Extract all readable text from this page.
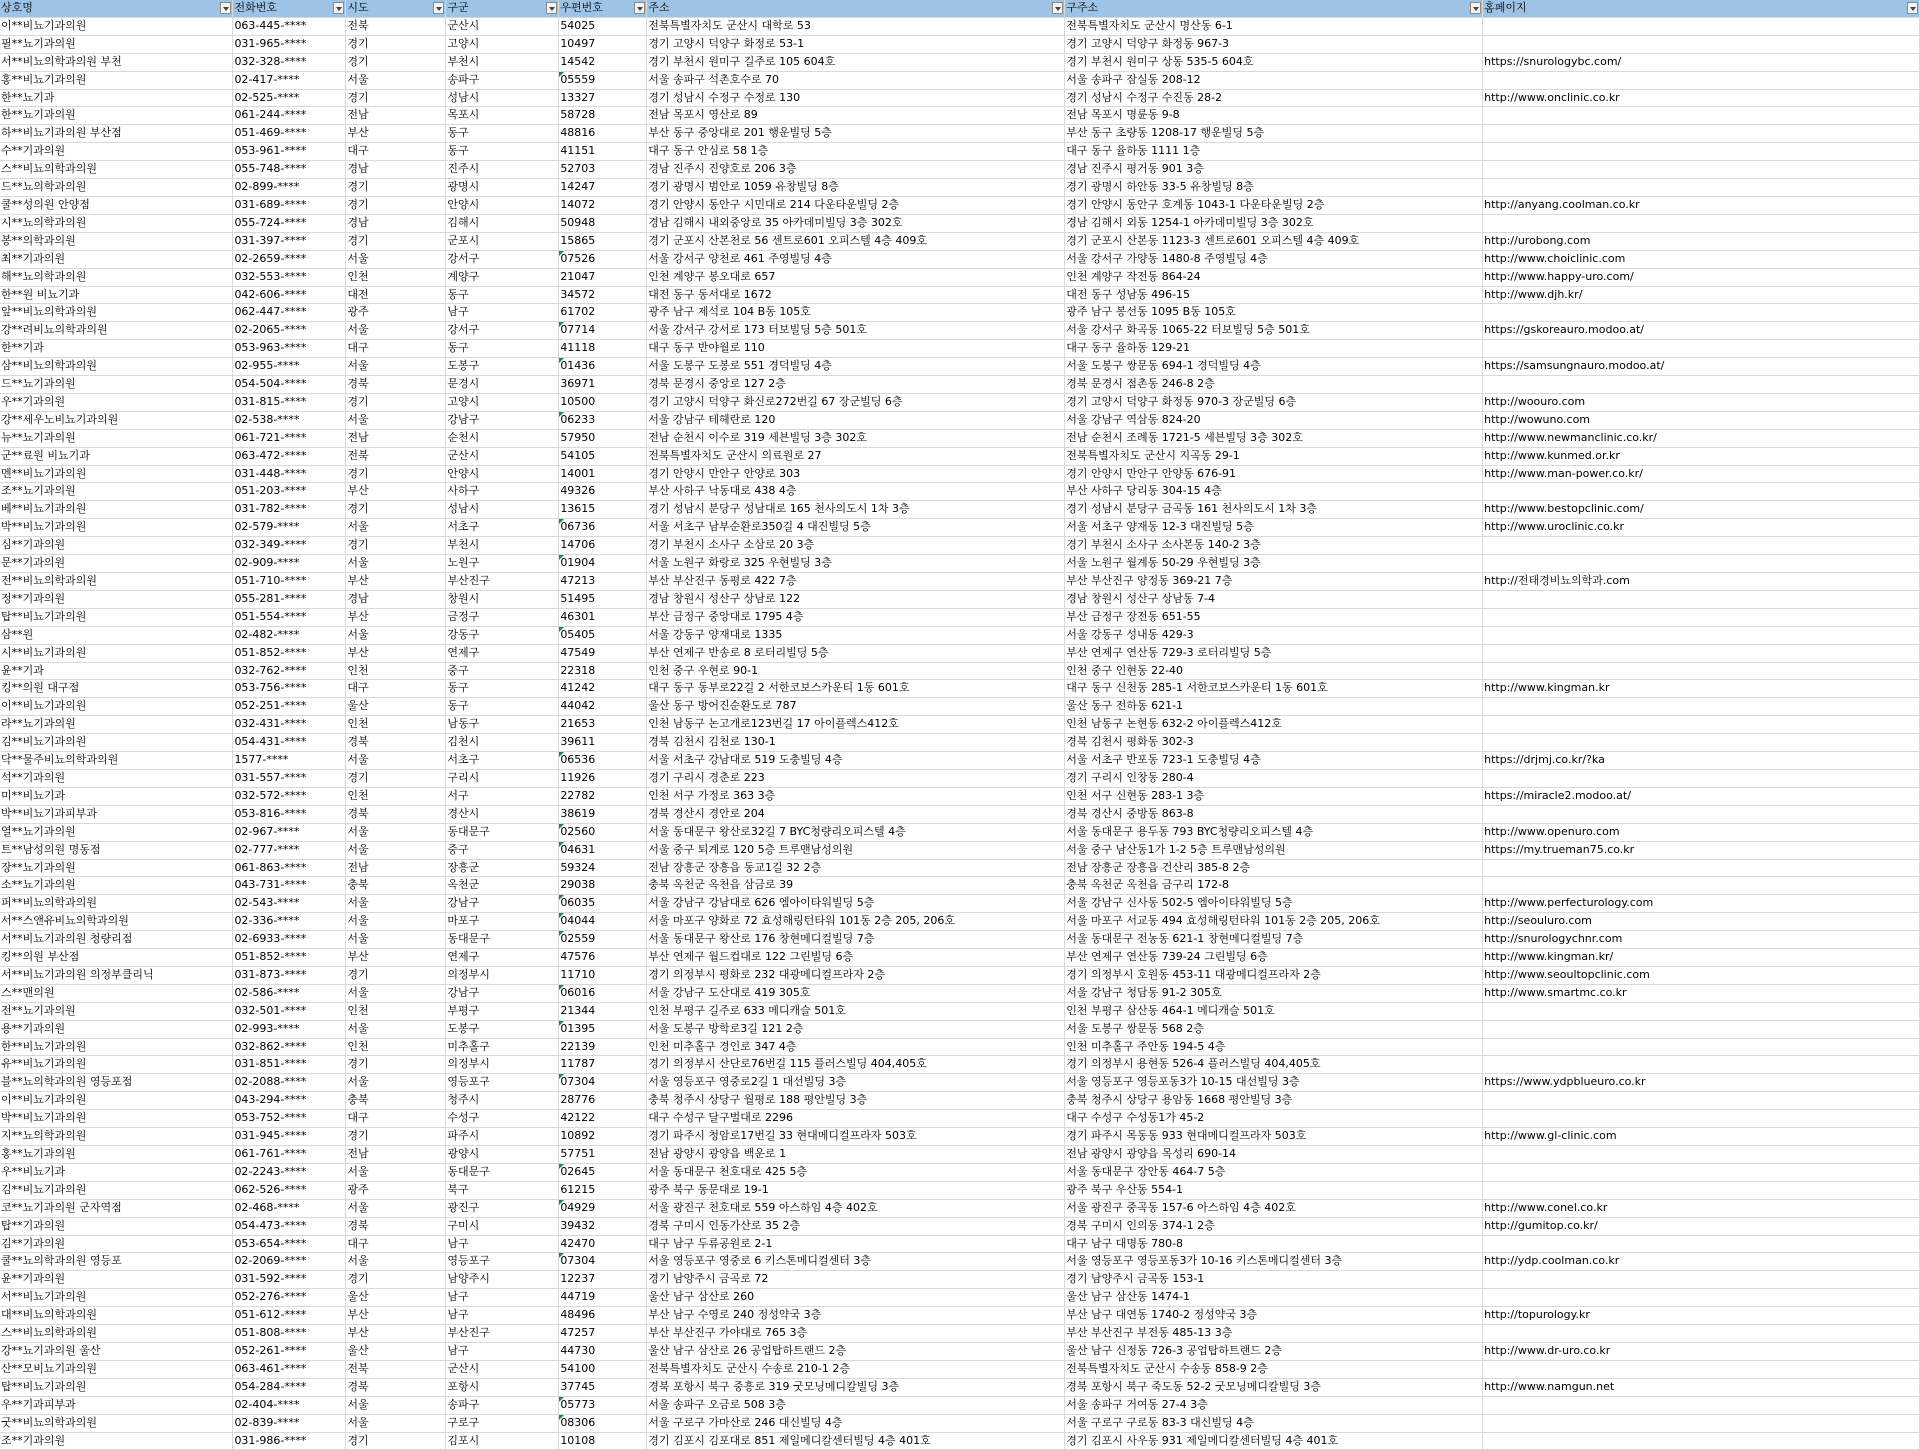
상호명	전화번호	시도	구군	우편번호	주소	구주소	홈페이지

이**비뇨기과의원	063-445-****	전북	군산시	54025	전북특별자치도 군산시 대학로 53	전북특별자치도 군산시 명산동 6-1	
필**뇨기과의원	031-965-****	경기	고양시	10497	경기 고양시 덕양구 화정로 53-1	경기 고양시 덕양구 화정동 967-3	
서**비뇨의학과의원 부천	032-328-****	경기	부천시	14542	경기 부천시 원미구 길주로 105 604호	경기 부천시 원미구 상동 535-5 604호	https://snurologybc.com/
홍**비뇨기과의원	02-417-****	서울	송파구	05559	서울 송파구 석촌호수로 70	서울 송파구 잠실동 208-12	
한**뇨기과	02-525-****	경기	성남시	13327	경기 성남시 수정구 수정로 130	경기 성남시 수정구 수진동 28-2	http://www.onclinic.co.kr
한**뇨기과의원	061-244-****	전남	목포시	58728	전남 목포시 영산로 89	전남 목포시 명륜동 9-8	
하**비뇨기과의원 부산점	051-469-****	부산	동구	48816	부산 동구 중앙대로 201 행운빌딩 5층	부산 동구 초량동 1208-17 행운빌딩 5층	
수**기과의원	053-961-****	대구	동구	41151	대구 동구 안심로 58 1층	대구 동구 율하동 1111 1층	
스**비뇨의학과의원	055-748-****	경남	진주시	52703	경남 진주시 진양호로 206 3층	경남 진주시 평거동 901 3층	
드**뇨의학과의원	02-899-****	경기	광명시	14247	경기 광명시 범안로 1059 유창빌딩 8층	경기 광명시 하안동 33-5 유창빌딩 8층	
쿨**성의원 안양점	031-689-****	경기	안양시	14072	경기 안양시 동안구 시민대로 214 다운타운빌딩 2층	경기 안양시 동안구 호계동 1043-1 다운타운빌딩 2층	http://anyang.coolman.co.kr
시**뇨의학과의원	055-724-****	경남	김해시	50948	경남 김해시 내외중앙로 35 아카데미빌딩 3층 302호	경남 김해시 외동 1254-1 아카데미빌딩 3층 302호	
봉**의학과의원	031-397-****	경기	군포시	15865	경기 군포시 산본천로 56 센트로601 오피스텔 4층 409호	경기 군포시 산본동 1123-3 센트로601 오피스텔 4층 409호	http://urobong.com
최**기과의원	02-2659-****	서울	강서구	07526	서울 강서구 양천로 461 주영빌딩 4층	서울 강서구 가양동 1480-8 주영빌딩 4층	http://www.choiclinic.com
해**뇨의학과의원	032-553-****	인천	계양구	21047	인천 계양구 봉오대로 657	인천 계양구 작전동 864-24	http://www.happy-uro.com/
한**원 비뇨기과	042-606-****	대전	동구	34572	대전 동구 동서대로 1672	대전 동구 성남동 496-15	http://www.djh.kr/
앞**비뇨의학과의원	062-447-****	광주	남구	61702	광주 남구 제석로 104 B동 105호	광주 남구 봉선동 1095 B동 105호	
강**려비뇨의학과의원	02-2065-****	서울	강서구	07714	서울 강서구 강서로 173 터보빌딩 5층 501호	서울 강서구 화곡동 1065-22 터보빌딩 5층 501호	https://gskoreauro.modoo.at/
한**기과	053-963-****	대구	동구	41118	대구 동구 반야월로 110	대구 동구 율하동 129-21	
삼**비뇨의학과의원	02-955-****	서울	도봉구	01436	서울 도봉구 도봉로 551 경덕빌딩 4층	서울 도봉구 쌍문동 694-1 경덕빌딩 4층	https://samsungnauro.modoo.at/
드**뇨기과의원	054-504-****	경북	문경시	36971	경북 문경시 중앙로 127 2층	경북 문경시 점촌동 246-8 2층	
우**기과의원	031-815-****	경기	고양시	10500	경기 고양시 덕양구 화신로272번길 67 장군빌딩 6층	경기 고양시 덕양구 화정동 970-3 장군빌딩 6층	http://woouro.com
강**세우노비뇨기과의원	02-538-****	서울	강남구	06233	서울 강남구 테헤란로 120	서울 강남구 역삼동 824-20	http://wowuno.com
뉴**뇨기과의원	061-721-****	전남	순천시	57950	전남 순천시 이수로 319 세븐빌딩 3층 302호	전남 순천시 조례동 1721-5 세븐빌딩 3층 302호	http://www.newmanclinic.co.kr/
군**료원 비뇨기과	063-472-****	전북	군산시	54105	전북특별자치도 군산시 의료원로 27	전북특별자치도 군산시 지곡동 29-1	http://www.kunmed.or.kr
멘**비뇨기과의원	031-448-****	경기	안양시	14001	경기 안양시 만안구 안양로 303	경기 안양시 만안구 안양동 676-91	http://www.man-power.co.kr/
조**뇨기과의원	051-203-****	부산	사하구	49326	부산 사하구 낙동대로 438 4층	부산 사하구 당리동 304-15 4층	
베**비뇨기과의원	031-782-****	경기	성남시	13615	경기 성남시 분당구 성남대로 165 천사의도시 1차 3층	경기 성남시 분당구 금곡동 161 천사의도시 1차 3층	http://www.bestopclinic.com/
박**비뇨기과의원	02-579-****	서울	서초구	06736	서울 서초구 남부순환로350길 4 대진빌딩 5층	서울 서초구 양재동 12-3 대진빌딩 5층	http://www.uroclinic.co.kr
심**기과의원	032-349-****	경기	부천시	14706	경기 부천시 소사구 소삼로 20 3층	경기 부천시 소사구 소사본동 140-2 3층	
문**기과의원	02-909-****	서울	노원구	01904	서울 노원구 화랑로 325 우현빌딩 3층	서울 노원구 월계동 50-29 우현빌딩 3층	
전**비뇨의학과의원	051-710-****	부산	부산진구	47213	부산 부산진구 동평로 422 7층	부산 부산진구 양정동 369-21 7층	http://전태경비뇨의학과.com
정**기과의원	055-281-****	경남	창원시	51495	경남 창원시 성산구 상남로 122	경남 창원시 성산구 상남동 7-4	
탑**비뇨기과의원	051-554-****	부산	금정구	46301	부산 금정구 중앙대로 1795 4층	부산 금정구 장전동 651-55	
삼**원	02-482-****	서울	강동구	05405	서울 강동구 양재대로 1335	서울 강동구 성내동 429-3	
시**비뇨기과의원	051-852-****	부산	연제구	47549	부산 연제구 반송로 8 로터리빌딩 5층	부산 연제구 연산동 729-3 로터리빌딩 5층	
윤**기과	032-762-****	인천	중구	22318	인천 중구 우현로 90-1	인천 중구 인현동 22-40	
킹**의원 대구점	053-756-****	대구	동구	41242	대구 동구 동부로22길 2 서한코보스카운티 1동 601호	대구 동구 신천동 285-1 서한코보스카운티 1동 601호	http://www.kingman.kr
이**비뇨기과의원	052-251-****	울산	동구	44042	울산 동구 방어진순환도로 787	울산 동구 전하동 621-1	
라**뇨기과의원	032-431-****	인천	남동구	21653	인천 남동구 논고개로123번길 17 아이플렉스412호	인천 남동구 논현동 632-2 아이플렉스412호	
김**비뇨기과의원	054-431-****	경북	김천시	39611	경북 김천시 김천로 130-1	경북 김천시 평화동 302-3	
닥**물주비뇨의학과의원	1577-****	서울	서초구	06536	서울 서초구 강남대로 519 도충빌딩 4층	서울 서초구 반포동 723-1 도충빌딩 4층	https://drjmj.co.kr/?ka
석**기과의원	031-557-****	경기	구리시	11926	경기 구리시 경춘로 223	경기 구리시 인창동 280-4	
미**비뇨기과	032-572-****	인천	서구	22782	인천 서구 가정로 363 3층	인천 서구 신현동 283-1 3층	https://miracle2.modoo.at/
박**비뇨기과피부과	053-816-****	경북	경산시	38619	경북 경산시 경안로 204	경북 경산시 중방동 863-8	
열**뇨기과의원	02-967-****	서울	동대문구	02560	서울 동대문구 왕산로32길 7 BYC청량리오피스텔 4층	서울 동대문구 용두동 793 BYC청량리오피스텔 4층	http://www.openuro.com
트**남성의원 명동점	02-777-****	서울	중구	04631	서울 중구 퇴계로 120 5층 트루맨남성의원	서울 중구 남산동1가 1-2 5층 트루맨남성의원	https://my.trueman75.co.kr
장**뇨기과의원	061-863-****	전남	장흥군	59324	전남 장흥군 장흥읍 동교1길 32 2층	전남 장흥군 장흥읍 건산리 385-8 2층	
소**뇨기과의원	043-731-****	충북	옥천군	29038	충북 옥천군 옥천읍 삼금로 39	충북 옥천군 옥천읍 금구리 172-8	
퍼**비뇨의학과의원	02-543-****	서울	강남구	06035	서울 강남구 강남대로 626 엠아이타워빌딩 5층	서울 강남구 신사동 502-5 엠아이타워빌딩 5층	http://www.perfecturology.com
서**스앤유비뇨의학과의원	02-336-****	서울	마포구	04044	서울 마포구 양화로 72 효성해링턴타워 101동 2층 205, 206호	서울 마포구 서교동 494 효성해링턴타워 101동 2층 205, 206호	http://seouluro.com
서**비뇨기과의원 청량리점	02-6933-****	서울	동대문구	02559	서울 동대문구 왕산로 176 창현메디컬빌딩 7층	서울 동대문구 전농동 621-1 창현메디컬빌딩 7층	http://snurologychnr.com
킹**의원 부산점	051-852-****	부산	연제구	47576	부산 연제구 월드컵대로 122 그린빌딩 6층	부산 연제구 연산동 739-24 그린빌딩 6층	http://www.kingman.kr/
서**비뇨기과의원 의정부클리닉	031-873-****	경기	의정부시	11710	경기 의정부시 평화로 232 대광메디컬프라자 2층	경기 의정부시 호원동 453-11 대광메디컬프라자 2층	http://www.seoultopclinic.com
스**맨의원	02-586-****	서울	강남구	06016	서울 강남구 도산대로 419 305호	서울 강남구 청담동 91-2 305호	http://www.smartmc.co.kr
전**뇨기과의원	032-501-****	인천	부평구	21344	인천 부평구 길주로 633 메디캐슬 501호	인천 부평구 삼산동 464-1 메디캐슬 501호	
용**기과의원	02-993-****	서울	도봉구	01395	서울 도봉구 방학로3길 121 2층	서울 도봉구 쌍문동 568 2층	
한**비뇨기과의원	032-862-****	인천	미추홀구	22139	인천 미추홀구 경인로 347 4층	인천 미추홀구 주안동 194-5 4층	
유**비뇨기과의원	031-851-****	경기	의정부시	11787	경기 의정부시 산단로76번길 115 플러스빌딩 404,405호	경기 의정부시 용현동 526-4 플러스빌딩 404,405호	
블**뇨의학과의원 영등포점	02-2088-****	서울	영등포구	07304	서울 영등포구 영중로2길 1 대선빌딩 3층	서울 영등포구 영등포동3가 10-15 대선빌딩 3층	https://www.ydpblueuro.co.kr
이**비뇨기과의원	043-294-****	충북	청주시	28776	충북 청주시 상당구 월평로 188 평안빌딩 3층	충북 청주시 상당구 용암동 1668 평안빌딩 3층	
박**비뇨기과의원	053-752-****	대구	수성구	42122	대구 수성구 달구벌대로 2296	대구 수성구 수성동1가 45-2	
지**뇨의학과의원	031-945-****	경기	파주시	10892	경기 파주시 청암로17번길 33 현대메디컬프라자 503호	경기 파주시 목동동 933 현대메디컬프라자 503호	http://www.gl-clinic.com
홍**뇨기과의원	061-761-****	전남	광양시	57751	전남 광양시 광양읍 백운로 1	전남 광양시 광양읍 목성리 690-14	
우**비뇨기과	02-2243-****	서울	동대문구	02645	서울 동대문구 천호대로 425 5층	서울 동대문구 장안동 464-7 5층	
김**비뇨기과의원	062-526-****	광주	북구	61215	광주 북구 동문대로 19-1	광주 북구 우산동 554-1	
코**뇨기과의원 군자역점	02-468-****	서울	광진구	04929	서울 광진구 천호대로 559 아스하임 4층 402호	서울 광진구 중곡동 157-6 아스하임 4층 402호	http://www.conel.co.kr
탑**기과의원	054-473-****	경북	구미시	39432	경북 구미시 인동가산로 35 2층	경북 구미시 인의동 374-1 2층	http://gumitop.co.kr/
김**기과의원	053-654-****	대구	남구	42470	대구 남구 두류공원로 2-1	대구 남구 대명동 780-8	
쿨**뇨의학과의원 영등포	02-2069-****	서울	영등포구	07304	서울 영등포구 영중로 6 키스톤메디컬센터 3층	서울 영등포구 영등포동3가 10-16 키스톤메디컬센터 3층	http://ydp.coolman.co.kr
윤**기과의원	031-592-****	경기	남양주시	12237	경기 남양주시 금곡로 72	경기 남양주시 금곡동 153-1	
서**비뇨기과의원	052-276-****	울산	남구	44719	울산 남구 삼산로 260	울산 남구 삼산동 1474-1	
대**비뇨의학과의원	051-612-****	부산	남구	48496	부산 남구 수영로 240 정성약국 3층	부산 남구 대연동 1740-2 정성약국 3층	http://topurology.kr
스**비뇨의학과의원	051-808-****	부산	부산진구	47257	부산 부산진구 가야대로 765 3층	부산 부산진구 부전동 485-13 3층	
강**뇨기과의원 울산	052-261-****	울산	남구	44730	울산 남구 삼산로 26 공업탑하트랜드 2층	울산 남구 신정동 726-3 공업탑하트랜드 2층	http://www.dr-uro.co.kr
산**모비뇨기과의원	063-461-****	전북	군산시	54100	전북특별자치도 군산시 수송로 210-1 2층	전북특별자치도 군산시 수송동 858-9 2층	
탑**비뇨기과의원	054-284-****	경북	포항시	37745	경북 포항시 북구 중흥로 319 굿모닝메디칼빌딩 3층	경북 포항시 북구 죽도동 52-2 굿모닝메디칼빌딩 3층	http://www.namgun.net
우**기과피부과	02-404-****	서울	송파구	05773	서울 송파구 오금로 508 3층	서울 송파구 거여동 27-4 3층	
굿**비뇨의학과의원	02-839-****	서울	구로구	08306	서울 구로구 가마산로 246 대신빌딩 4층	서울 구로구 구로동 83-3 대신빌딩 4층	
조**기과의원	031-986-****	경기	김포시	10108	경기 김포시 김포대로 851 제일메디칼센터빌딩 4층 401호	경기 김포시 사우동 931 제일메디칼센터빌딩 4층 401호	
